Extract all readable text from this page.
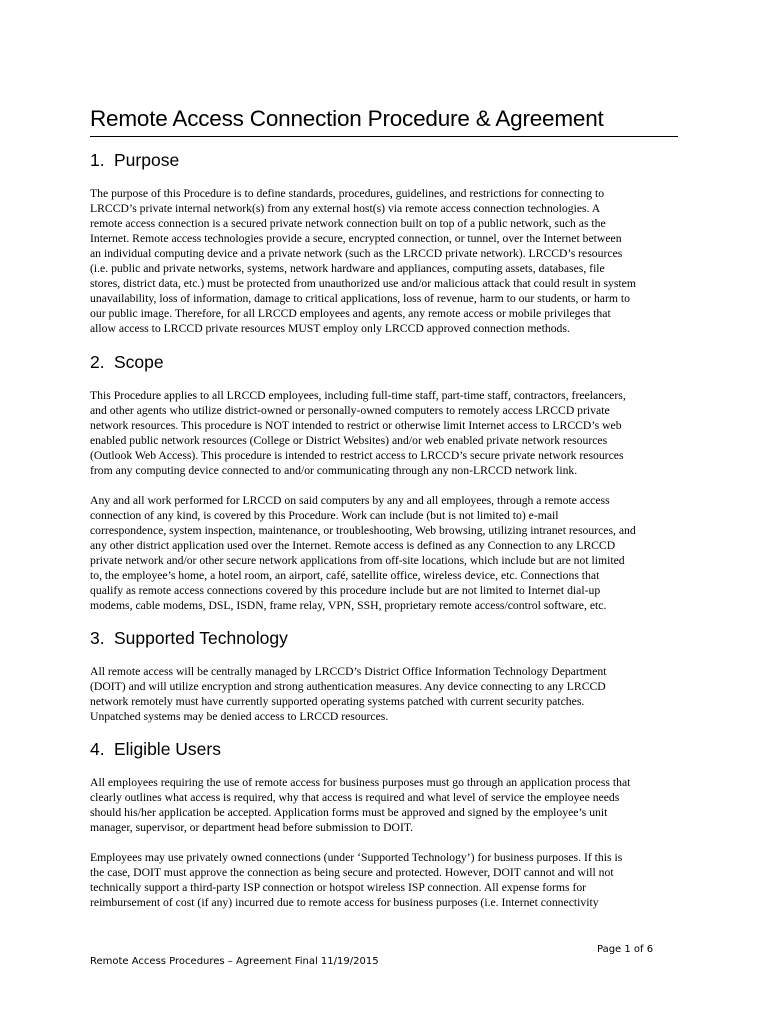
Remote Access Connection Procedure & Agreement
1. Purpose
The purpose of this Procedure is to define standards, procedures, guidelines, and restrictions for connecting to
LRCCD’s private internal network(s) from any external host(s) via remote access connection technologies. A
remote access connection is a secured private network connection built on top of a public network, such as the
Internet. Remote access technologies provide a secure, encrypted connection, or tunnel, over the Internet between
an individual computing device and a private network (such as the LRCCD private network). LRCCD’s resources
(i.e. public and private networks, systems, network hardware and appliances, computing assets, databases, file
stores, district data, etc.) must be protected from unauthorized use and/or malicious attack that could result in system
unavailability, loss of information, damage to critical applications, loss of revenue, harm to our students, or harm to
our public image. Therefore, for all LRCCD employees and agents, any remote access or mobile privileges that
allow access to LRCCD private resources MUST employ only LRCCD approved connection methods.
2. Scope
This Procedure applies to all LRCCD employees, including full-time staff, part-time staff, contractors, freelancers,
and other agents who utilize district-owned or personally-owned computers to remotely access LRCCD private
network resources. This procedure is NOT intended to restrict or otherwise limit Internet access to LRCCD’s web
enabled public network resources (College or District Websites) and/or web enabled private network resources
(Outlook Web Access). This procedure is intended to restrict access to LRCCD’s secure private network resources
from any computing device connected to and/or communicating through any non-LRCCD network link.
Any and all work performed for LRCCD on said computers by any and all employees, through a remote access
connection of any kind, is covered by this Procedure. Work can include (but is not limited to) e-mail
correspondence, system inspection, maintenance, or troubleshooting, Web browsing, utilizing intranet resources, and
any other district application used over the Internet. Remote access is defined as any Connection to any LRCCD
private network and/or other secure network applications from off-site locations, which include but are not limited
to, the employee’s home, a hotel room, an airport, café, satellite office, wireless device, etc. Connections that
qualify as remote access connections covered by this procedure include but are not limited to Internet dial-up
modems, cable modems, DSL, ISDN, frame relay, VPN, SSH, proprietary remote access/control software, etc.
3. Supported Technology
All remote access will be centrally managed by LRCCD’s District Office Information Technology Department
(DOIT) and will utilize encryption and strong authentication measures. Any device connecting to any LRCCD
network remotely must have currently supported operating systems patched with current security patches.
Unpatched systems may be denied access to LRCCD resources.
4. Eligible Users
All employees requiring the use of remote access for business purposes must go through an application process that
clearly outlines what access is required, why that access is required and what level of service the employee needs
should his/her application be accepted. Application forms must be approved and signed by the employee’s unit
manager, supervisor, or department head before submission to DOIT.
Employees may use privately owned connections (under ‘Supported Technology’) for business purposes. If this is
the case, DOIT must approve the connection as being secure and protected. However, DOIT cannot and will not
technically support a third-party ISP connection or hotspot wireless ISP connection. All expense forms for
reimbursement of cost (if any) incurred due to remote access for business purposes (i.e. Internet connectivity
Page 1 of 6
Remote Access Procedures – Agreement Final 11/19/2015
